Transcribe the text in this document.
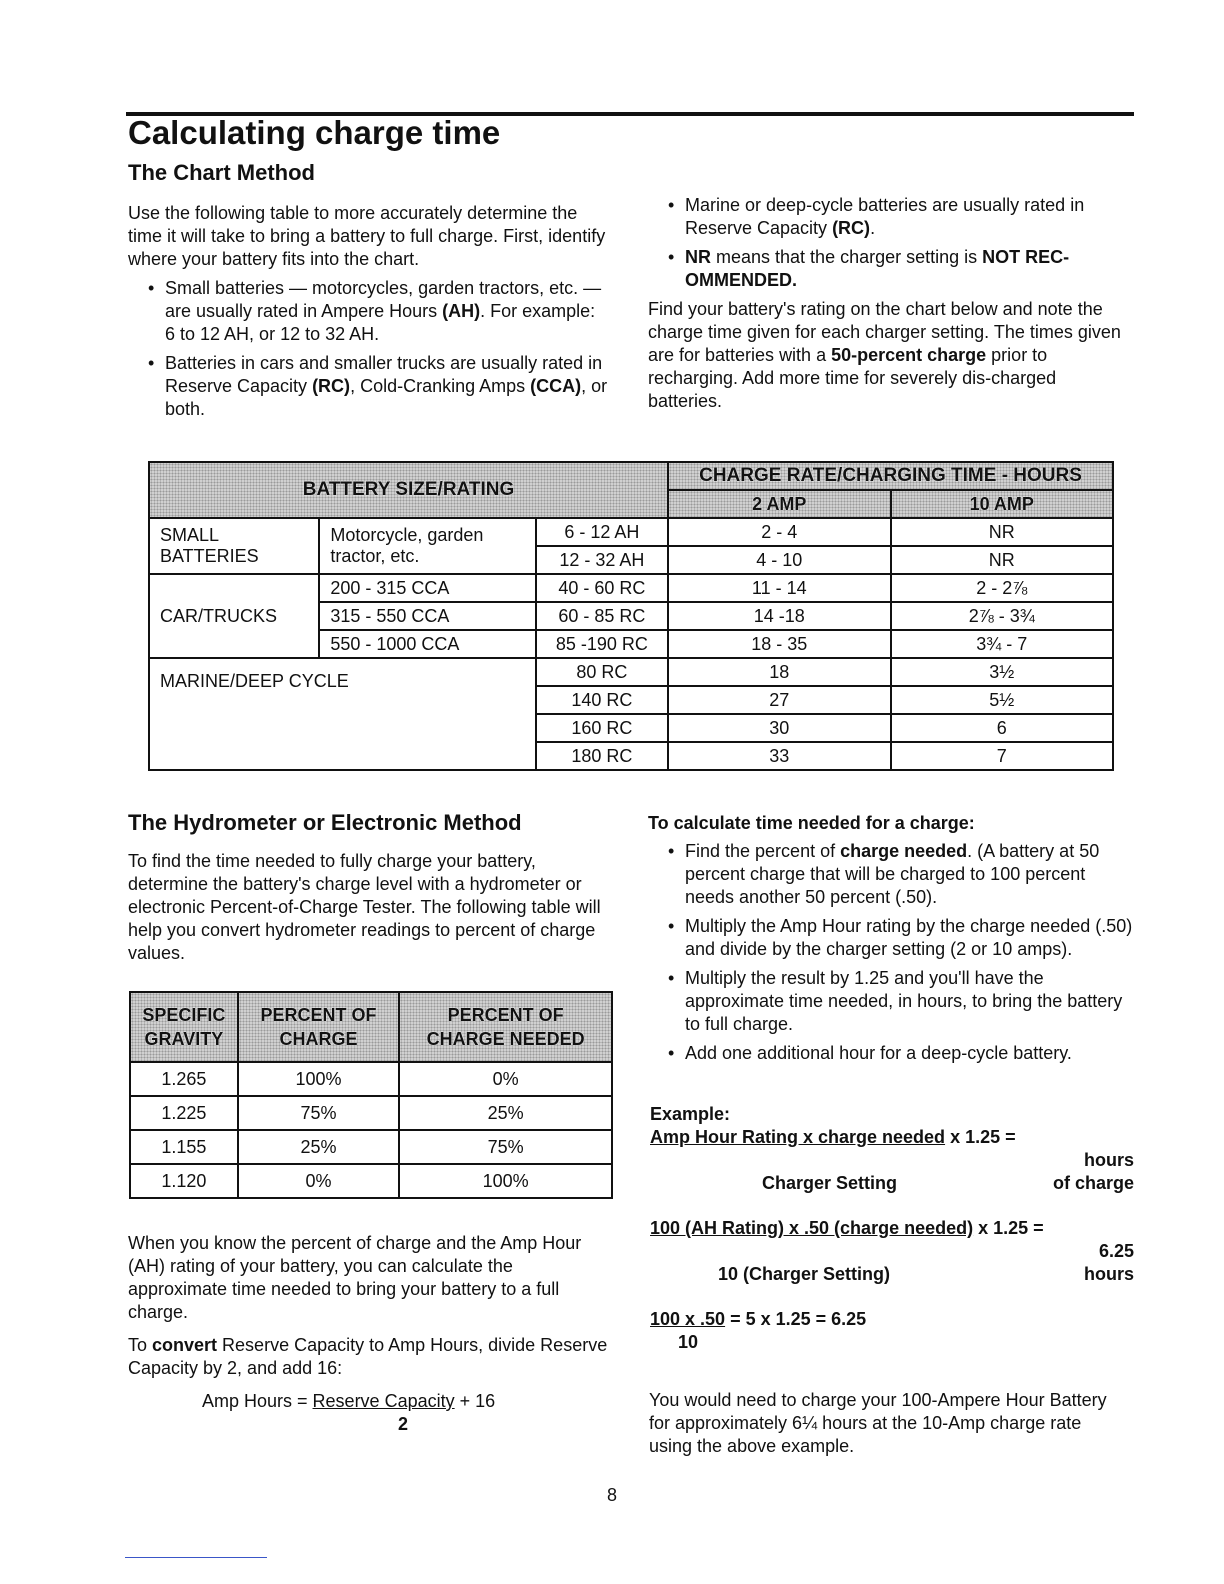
Calculating charge time
The Chart Method

Use the following table to more accurately determine the time it will take to bring a battery to full charge. First, identify where your battery fits into the chart.

• Small batteries — motorcycles, garden tractors, etc. — are usually rated in Ampere Hours (AH). For example: 6 to 12 AH, or 12 to 32 AH.
• Batteries in cars and smaller trucks are usually rated in Reserve Capacity (RC), Cold-Cranking Amps (CCA), or both.
• Marine or deep-cycle batteries are usually rated in Reserve Capacity (RC).
• NR means that the charger setting is NOT REC-OMMENDED.

Find your battery's rating on the chart below and note the charge time given for each charger setting. The times given are for batteries with a 50-percent charge prior to recharging. Add more time for severely dis-charged batteries.

BATTERY SIZE/RATING			CHARGE RATE/CHARGING TIME - HOURS	
			2 AMP	10 AMP
SMALL BATTERIES	Motorcycle, garden tractor, etc.	6 - 12 AH	2 - 4	NR
		12 - 32 AH	4 - 10	NR
CAR/TRUCKS	200 - 315 CCA	40 - 60 RC	11 - 14	2 - 2⅞
	315 - 550 CCA	60 - 85 RC	14 -18	2⅞ - 3¾
	550 - 1000 CCA	85 -190 RC	18 - 35	3¾ - 7
MARINE/DEEP CYCLE		80 RC	18	3½
		140 RC	27	5½
		160 RC	30	6
		180 RC	33	7
The Hydrometer or Electronic Method

To find the time needed to fully charge your battery, determine the battery's charge level with a hydrometer or electronic Percent-of-Charge Tester. The following table will help you convert hydrometer readings to percent of charge values.

SPECIFIC GRAVITY	PERCENT OF CHARGE	PERCENT OF CHARGE NEEDED
1.265	100%	0%
1.225	75%	25%
1.155	25%	75%
1.120	0%	100%

When you know the percent of charge and the Amp Hour (AH) rating of your battery, you can calculate the approximate time needed to bring your battery to a full charge.

To convert Reserve Capacity to Amp Hours, divide Reserve Capacity by 2, and add 16:

Amp Hours = Reserve Capacity + 16
2
To calculate time needed for a charge:
• Find the percent of charge needed. (A battery at 50 percent charge that will be charged to 100 percent needs another 50 percent (.50).
• Multiply the Amp Hour rating by the charge needed (.50) and divide by the charger setting (2 or 10 amps).
• Multiply the result by 1.25 and you'll have the approximate time needed, in hours, to bring the battery to full charge.
• Add one additional hour for a deep-cycle battery.
Example:
Amp Hour Rating x charge needed x 1.25 =
hours
Charger Setting	of charge
100 (AH Rating) x .50 (charge needed) x 1.25 =
6.25
10 (Charger Setting)	hours
100 x .50 = 5 x 1.25 = 6.25
10

You would need to charge your 100-Ampere Hour Battery for approximately 6¼ hours at the 10-Amp charge rate using the above example.

8
